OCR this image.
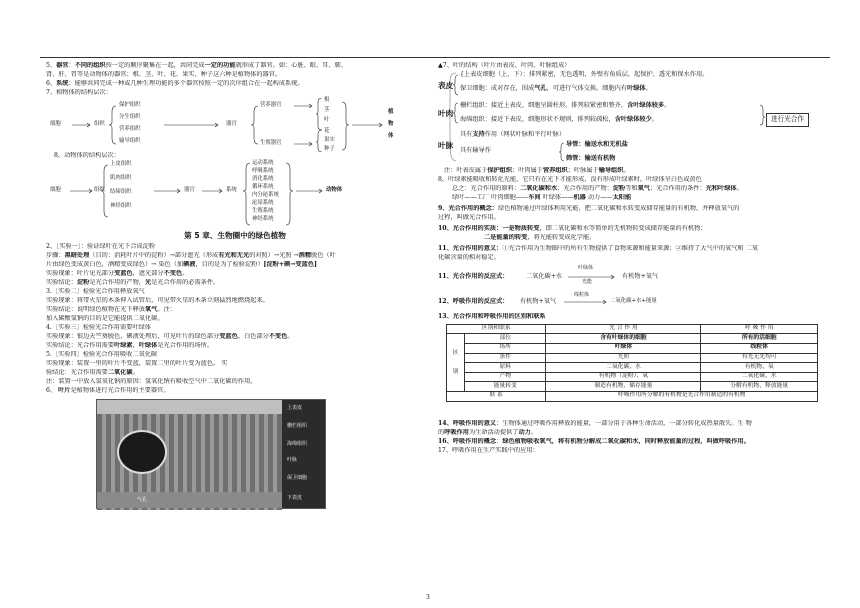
5、器官：不同的组织按一定的顺序聚集在一起，共同完成一定的功能就形成了器官。如：心脏、眼、耳、肺、
肾、肝、胃等是动物体的器官；根、茎、叶、花、果实、种子这六种是植物体的器官。
6、系统：能够共同完成一种或几种生理功能的多个器官按照一定的次序组合在一起构成系统。
7、植物体的结构层次：
细胞	组织
保护组织
分生组织
营养组织
输导组织
器官
营养器官
生殖器官
根
茎
叶
花
果实
种子
植
物
体
8、动物体的结构层次：
细胞	组织
上皮组织
肌肉组织
结缔组织
神经组织
器官	系统
运动系统
呼吸系统
消化系统
循环系统
内分泌系统
泌尿系统
生殖系统
神经系统
动物体
第 5 章、生物圈中的绿色植物
2、［实验一］：验证绿叶在光下合成淀粉
步骤：黑暗处理（目的：消耗叶片中的淀粉）→部分遮光（形成有光和无光的对照）→光照 →酒精脱色（叶
片由绿色变成黄白色，酒精变成绿色）→ 染色（加碘液，目的是为了检验淀粉）[淀粉+碘→变蓝色]
实验现象：叶片见光部分变蓝色，遮光部分不变色。
实验结论：淀粉是光合作用的产物，光是光合作用的必需条件。
3.［实验二］检验光合作用释放氧气
实验现象：将带火星的木条伸入试管后，可见带火星的木条立刻猛烈地燃烧起来。
实验结论：说明绿色植物在光下释放氧气。注：
加入碳酸氢钠的目的是它能提供二氧化碳。
4.［实验三］检验光合作用需要叶绿体
实验现象：银边天竺葵脱色，碘液处理后，可见叶片的绿色部分变蓝色，白色部分不变色。
实验结论：光合作用需要叶绿素，叶绿体是光合作用的场所。
5.［实验四］检验光合作用吸收二氧化碳
实验现象：装置一里的叶片不变蓝，装置二里的叶片变为蓝色。 实
验结论：光合作用需要二氧化碳。
注：装置一中放入氢氧化钠的原因：氢氧化钠有吸收空气中二氧化碳的作用。
6、 叶片是植物体进行光合作用的主要器官。
上表皮
栅栏组织
海绵组织
叶脉
保卫细胞
下表皮
气孔
▲7、叶的结构（叶片由表皮、叶肉、叶脉组成）
表皮
{上表皮细胞（上、下）：排列紧密，无色透明，外壁有角质层，起保护、透光和保水作用。
保卫细胞：成对存在，围成气孔，可进行气体交换。细胞内有叶绿体。
叶肉
栅栏组织：接近上表皮，细胞呈圆柱形，排列较紧密和整齐，含叶绿体较多。
海绵组织：接近下表皮，细胞形状不规则，排列较疏松，含叶绿体较少。	进行光合作
具有支持作用（网状叶脉和平行叶脉）
叶脉
具有输导作
导管：输送水和无机盐
筛管：输送有机物
注：叶表皮属于保护组织；叶肉属于营养组织；叶脉属于输导组织。
8、叶绿素能吸收和转化光能，它只有在光下才能形成，没有形成叶绿素时，叶绿体呈白色或黄色
总之：光合作用的原料：二氧化碳和水；光合作用的产物：淀粉等和氧气；光合作用的条件：光和叶绿体。
绿叶——工厂 叶肉细胞——车间 叶绿体——机器 动力——太阳能
9、光合作用的概念：绿色植物通过叶绿体利用光能，把二氧化碳和水转变成储存能量的有机物，并释放氧气的
过程，叫做光合作用。
10、光合作用的实质：一是物质转变，即二氧化碳和水等简单的无机物转变成储存能量的有机物；
二是能量的转变，将光能转变成化学能。
11、光合作用的意义：①光合作用为生物圈中的所有生物提供了食物来源和能量来源；②维持了大气中的氧气和 二氧
化碳含量的相对稳定。
11、光合作用的反应式：	二氧化碳+水
叶绿体
光能
有机物+氧气
12、呼吸作用的反应式： 有机物+氧气
线粒体
二氧化碳+水+能量
13、光合作用和呼吸作用的区别和联系
区别和联系		光 合 作 用	呼 吸 作 用
区

别	部位	含有叶绿体的细胞	所有的活细胞
	场所	叶绿体	线粒体
	条件	光照	有光无光均可
	原料	二氧化碳、水	有机物、氧
	产物	有机物（淀粉）、氧	二氧化碳、水
	能量转变	制造有机物，储存能量	分解有机物，释放能量
联 系		呼吸作用所分解的有机物是光合作用制造的有机物	
14、呼吸作用的意义：生物体通过呼吸作用释放的能量，一部分用于各种生命活动，一部分转化成热量散失。生 物
的呼吸作用为生命活动提供了动力。
16、呼吸作用的概念：绿色植物吸收氧气，将有机物分解成二氧化碳和水，同时释放能量的过程，叫做呼吸作用。
17、呼吸作用在生产实践中的应用：
3
